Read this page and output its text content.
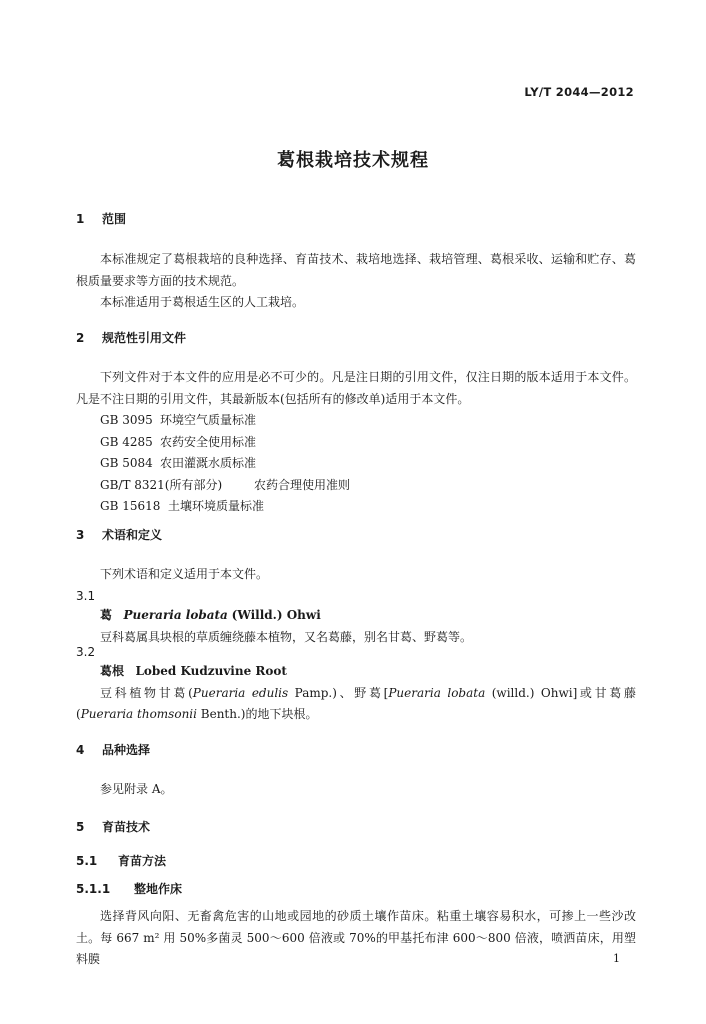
LY/T 2044—2012
葛根栽培技术规程
1 范围

本标准规定了葛根栽培的良种选择、育苗技术、栽培地选择、栽培管理、葛根采收、运输和贮存、葛根质量要求等方面的技术规范。

本标准适用于葛根适生区的人工栽培。

2 规范性引用文件

下列文件对于本文件的应用是必不可少的。凡是注日期的引用文件，仅注日期的版本适用于本文件。凡是不注日期的引用文件，其最新版本(包括所有的修改单)适用于本文件。

GB 3095 环境空气质量标准
GB 4285 农药安全使用标准
GB 5084 农田灌溉水质标准
GB/T 8321(所有部分)	农药合理使用准则
GB 15618 土壤环境质量标准
3 术语和定义

下列术语和定义适用于本文件。

3.1
葛 Pueraria lobata (Willd.) Ohwi
豆科葛属具块根的草质缠绕藤本植物，又名葛藤，别名甘葛、野葛等。
3.2
葛根 Lobed Kudzuvine Root

豆科植物甘葛(Pueraria edulis Pamp.)、野葛[Pueraria lobata (willd.) Ohwi]或甘葛藤(Pueraria thomsonii Benth.)的地下块根。

4 品种选择

参见附录 A。

5 育苗技术
5.1 育苗方法
5.1.1 整地作床

选择背风向阳、无畜禽危害的山地或园地的砂质土壤作苗床。粘重土壤容易积水，可掺上一些沙改土。每 667 m² 用 50%多菌灵 500～600 倍液或 70%的甲基托布津 600～800 倍液，喷洒苗床，用塑料膜	1
